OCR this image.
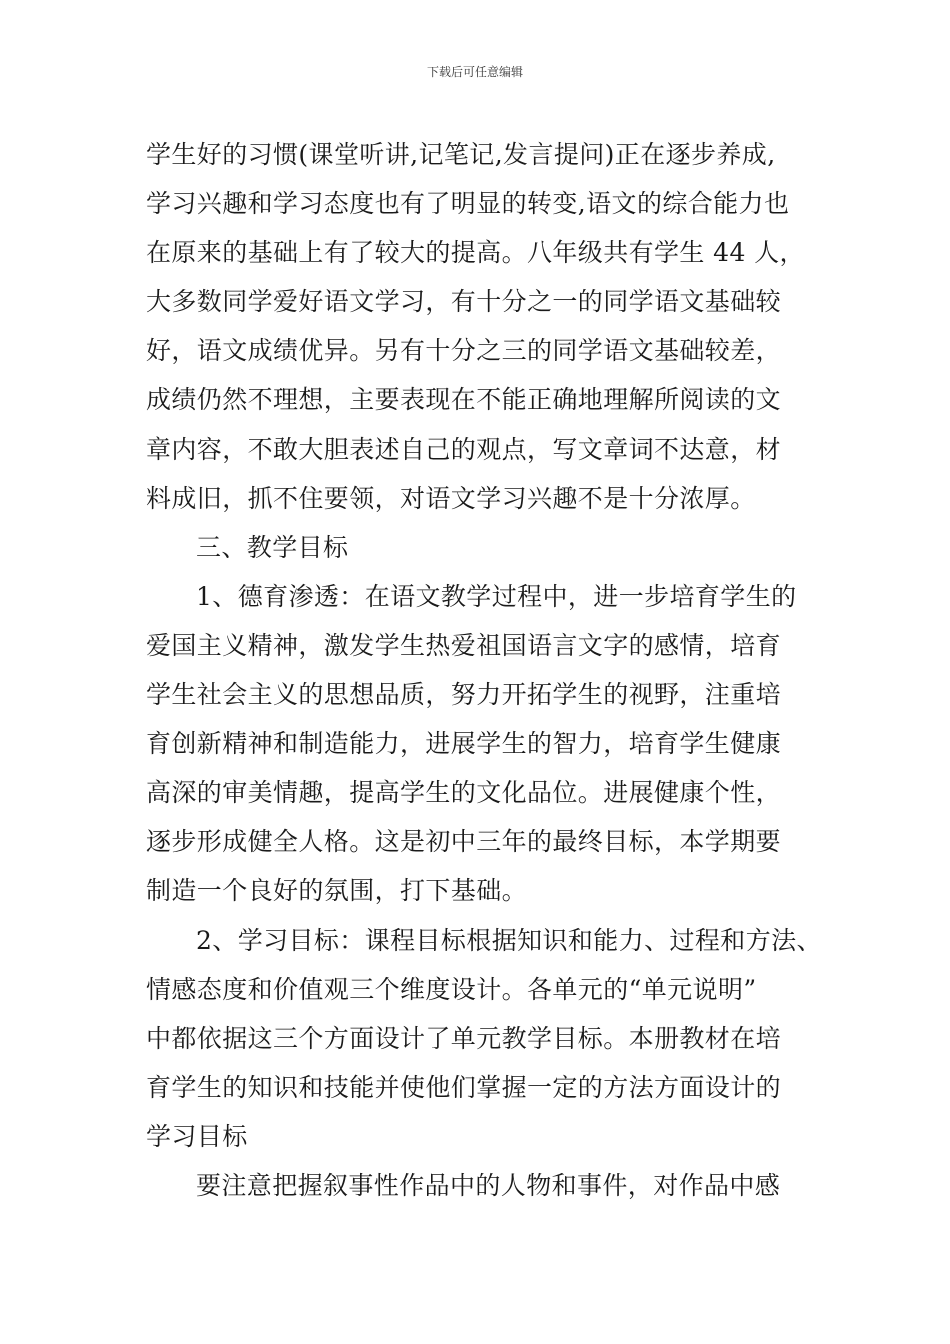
下载后可任意编辑
学生好的习惯(课堂听讲,记笔记,发言提问)正在逐步养成,
学习兴趣和学习态度也有了明显的转变,语文的综合能力也
在原来的基础上有了较大的提高。八年级共有学生 44 人，
大多数同学爱好语文学习，有十分之一的同学语文基础较
好，语文成绩优异。另有十分之三的同学语文基础较差，
成绩仍然不理想，主要表现在不能正确地理解所阅读的文
章内容，不敢大胆表述自己的观点，写文章词不达意，材
料成旧，抓不住要领，对语文学习兴趣不是十分浓厚。
三、教学目标
1、德育渗透：在语文教学过程中，进一步培育学生的
爱国主义精神，激发学生热爱祖国语言文字的感情，培育
学生社会主义的思想品质，努力开拓学生的视野，注重培
育创新精神和制造能力，进展学生的智力，培育学生健康
高深的审美情趣，提高学生的文化品位。进展健康个性，
逐步形成健全人格。这是初中三年的最终目标，本学期要
制造一个良好的氛围，打下基础。
2、学习目标：课程目标根据知识和能力、过程和方法、
情感态度和价值观三个维度设计。各单元的“单元说明”
中都依据这三个方面设计了单元教学目标。本册教材在培
育学生的知识和技能并使他们掌握一定的方法方面设计的
学习目标
要注意把握叙事性作品中的人物和事件，对作品中感
